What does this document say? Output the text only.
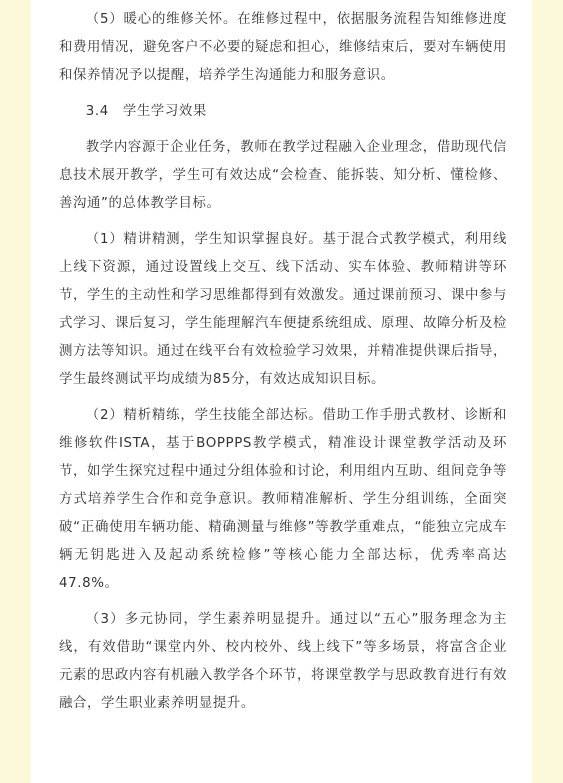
（5）暖心的维修关怀。在维修过程中，依据服务流程告知维修进度和费用情况，避免客户不必要的疑虑和担心，维修结束后，要对车辆使用和保养情况予以提醒，培养学生沟通能力和服务意识。

3.4　学生学习效果

教学内容源于企业任务，教师在教学过程融入企业理念，借助现代信息技术展开教学，学生可有效达成“会检查、能拆装、知分析、懂检修、善沟通”的总体教学目标。

（1）精讲精测，学生知识掌握良好。基于混合式教学模式，利用线上线下资源，通过设置线上交互、线下活动、实车体验、教师精讲等环节，学生的主动性和学习思维都得到有效激发。通过课前预习、课中参与式学习、课后复习，学生能理解汽车便捷系统组成、原理、故障分析及检测方法等知识。通过在线平台有效检验学习效果，并精准提供课后指导，学生最终测试平均成绩为85分，有效达成知识目标。

（2）精析精练，学生技能全部达标。借助工作手册式教材、诊断和维修软件ISTA，基于BOPPPS教学模式，精准设计课堂教学活动及环节，如学生探究过程中通过分组体验和讨论，利用组内互助、组间竞争等方式培养学生合作和竞争意识。教师精准解析、学生分组训练，全面突破“正确使用车辆功能、精确测量与维修”等教学重难点，“能独立完成车辆无钥匙进入及起动系统检修”等核心能力全部达标，优秀率高达47.8%。

（3）多元协同，学生素养明显提升。通过以“五心”服务理念为主线，有效借助“课堂内外、校内校外、线上线下”等多场景，将富含企业元素的思政内容有机融入教学各个环节，将课堂教学与思政教育进行有效融合，学生职业素养明显提升。
